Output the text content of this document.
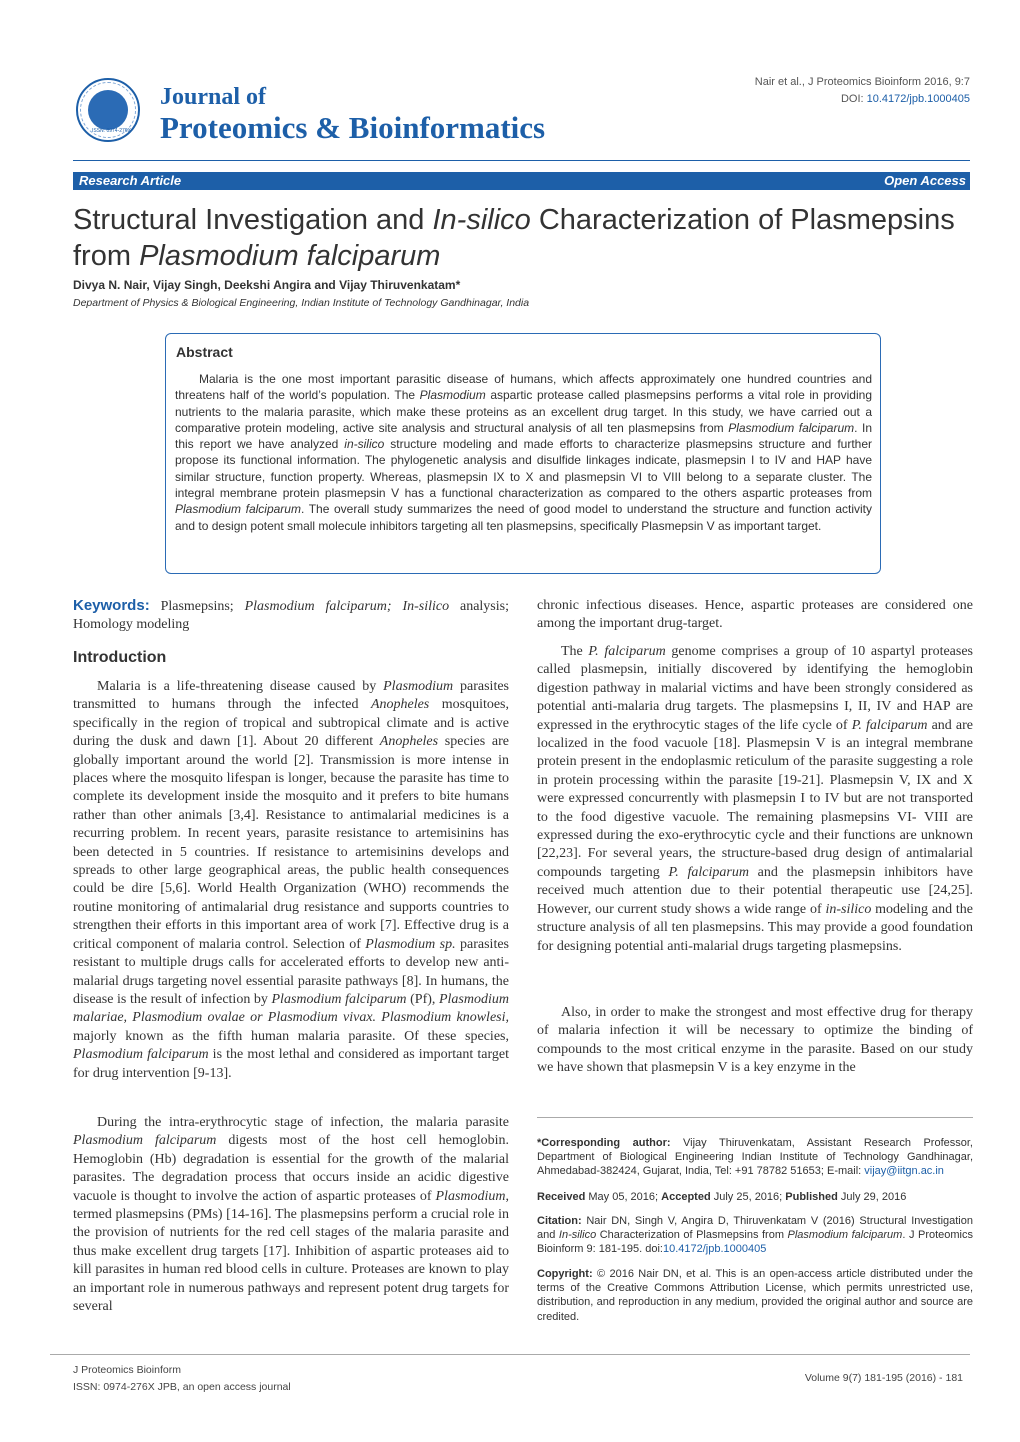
ISSN: 0974-276X
Journal of
Proteomics & Bioinformatics
Nair et al., J Proteomics Bioinform 2016, 9:7
DOI: 10.4172/jpb.1000405
Research Article	Open Access
Structural Investigation and In-silico Characterization of Plasmepsins from Plasmodium falciparum
Divya N. Nair, Vijay Singh, Deekshi Angira and Vijay Thiruvenkatam*
Department of Physics & Biological Engineering, Indian Institute of Technology Gandhinagar, India
Abstract

Malaria is the one most important parasitic disease of humans, which affects approximately one hundred countries and threatens half of the world’s population. The Plasmodium aspartic protease called plasmepsins performs a vital role in providing nutrients to the malaria parasite, which make these proteins as an excellent drug target. In this study, we have carried out a comparative protein modeling, active site analysis and structural analysis of all ten plasmepsins from Plasmodium falciparum. In this report we have analyzed in-silico structure modeling and made efforts to characterize plasmepsins structure and further propose its functional information. The phylogenetic analysis and disulfide linkages indicate, plasmepsin I to IV and HAP have similar structure, function property. Whereas, plasmepsin IX to X and plasmepsin VI to VIII belong to a separate cluster. The integral membrane protein plasmepsin V has a functional characterization as compared to the others aspartic proteases from Plasmodium falciparum. The overall study summarizes the need of good model to understand the structure and function activity and to design potent small molecule inhibitors targeting all ten plasmepsins, specifically Plasmepsin V as important target.

Keywords: Plasmepsins; Plasmodium falciparum; In-silico analysis; Homology modeling

Introduction

Malaria is a life-threatening disease caused by Plasmodium parasites transmitted to humans through the infected Anopheles mosquitoes, specifically in the region of tropical and subtropical climate and is active during the dusk and dawn [1]. About 20 different Anopheles species are globally important around the world [2]. Transmission is more intense in places where the mosquito lifespan is longer, because the parasite has time to complete its development inside the mosquito and it prefers to bite humans rather than other animals [3,4]. Resistance to antimalarial medicines is a recurring problem. In recent years, parasite resistance to artemisinins has been detected in 5 countries. If resistance to artemisinins develops and spreads to other large geographical areas, the public health consequences could be dire [5,6]. World Health Organization (WHO) recommends the routine monitoring of antimalarial drug resistance and supports countries to strengthen their efforts in this important area of work [7]. Effective drug is a critical component of malaria control. Selection of Plasmodium sp. parasites resistant to multiple drugs calls for accelerated efforts to develop new anti-malarial drugs targeting novel essential parasite pathways [8]. In humans, the disease is the result of infection by Plasmodium falciparum (Pf), Plasmodium malariae, Plasmodium ovalae or Plasmodium vivax. Plasmodium knowlesi, majorly known as the fifth human malaria parasite. Of these species, Plasmodium falciparum is the most lethal and considered as important target for drug intervention [9-13].

During the intra-erythrocytic stage of infection, the malaria parasite Plasmodium falciparum digests most of the host cell hemoglobin. Hemoglobin (Hb) degradation is essential for the growth of the malarial parasites. The degradation process that occurs inside an acidic digestive vacuole is thought to involve the action of aspartic proteases of Plasmodium, termed plasmepsins (PMs) [14-16]. The plasmepsins perform a crucial role in the provision of nutrients for the red cell stages of the malaria parasite and thus make excellent drug targets [17]. Inhibition of aspartic proteases aid to kill parasites in human red blood cells in culture. Proteases are known to play an important role in numerous pathways and represent potent drug targets for several

chronic infectious diseases. Hence, aspartic proteases are considered one among the important drug-target.

The P. falciparum genome comprises a group of 10 aspartyl proteases called plasmepsin, initially discovered by identifying the hemoglobin digestion pathway in malarial victims and have been strongly considered as potential anti-malaria drug targets. The plasmepsins I, II, IV and HAP are expressed in the erythrocytic stages of the life cycle of P. falciparum and are localized in the food vacuole [18]. Plasmepsin V is an integral membrane protein present in the endoplasmic reticulum of the parasite suggesting a role in protein processing within the parasite [19-21]. Plasmepsin V, IX and X were expressed concurrently with plasmepsin I to IV but are not transported to the food digestive vacuole. The remaining plasmepsins VI- VIII are expressed during the exo-erythrocytic cycle and their functions are unknown [22,23]. For several years, the structure-based drug design of antimalarial compounds targeting P. falciparum and the plasmepsin inhibitors have received much attention due to their potential therapeutic use [24,25]. However, our current study shows a wide range of in-silico modeling and the structure analysis of all ten plasmepsins. This may provide a good foundation for designing potential anti-malarial drugs targeting plasmepsins.

Also, in order to make the strongest and most effective drug for therapy of malaria infection it will be necessary to optimize the binding of compounds to the most critical enzyme in the parasite. Based on our study we have shown that plasmepsin V is a key enzyme in the

*Corresponding author: Vijay Thiruvenkatam, Assistant Research Professor, Department of Biological Engineering Indian Institute of Technology Gandhinagar, Ahmedabad-382424, Gujarat, India, Tel: +91 78782 51653; E-mail: vijay@iitgn.ac.in
Received May 05, 2016; Accepted July 25, 2016; Published July 29, 2016
Citation: Nair DN, Singh V, Angira D, Thiruvenkatam V (2016) Structural Investigation and In-silico Characterization of Plasmepsins from Plasmodium falciparum. J Proteomics Bioinform 9: 181-195. doi:10.4172/jpb.1000405
Copyright: © 2016 Nair DN, et al. This is an open-access article distributed under the terms of the Creative Commons Attribution License, which permits unrestricted use, distribution, and reproduction in any medium, provided the original author and source are credited.
J Proteomics Bioinform
ISSN: 0974-276X JPB, an open access journal
Volume 9(7) 181-195 (2016) - 181
